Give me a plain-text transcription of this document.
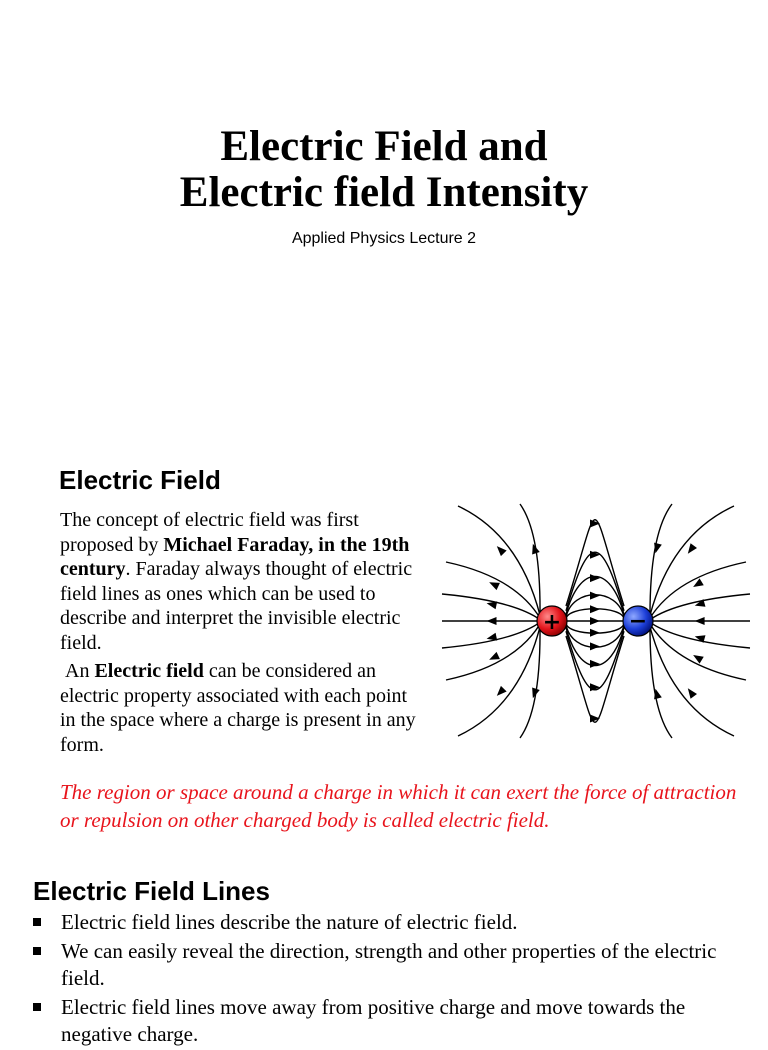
Electric Field and
Electric field Intensity
Applied Physics Lecture 2
Electric Field
The concept of electric field was first proposed by Michael Faraday, in the 19th century. Faraday always thought of electric field lines as ones which can be used to describe and interpret the invisible electric field.
An Electric field can be considered an electric property associated with each point in the space where a charge is present in any form.
+	−
The region or space around a charge in which it can exert the force of attraction or repulsion on other charged body is called electric field.
Electric Field Lines
Electric field lines describe the nature of electric field.
We can easily reveal the direction, strength and other properties of the electric field.
Electric field lines move away from positive charge and move towards the negative charge.
